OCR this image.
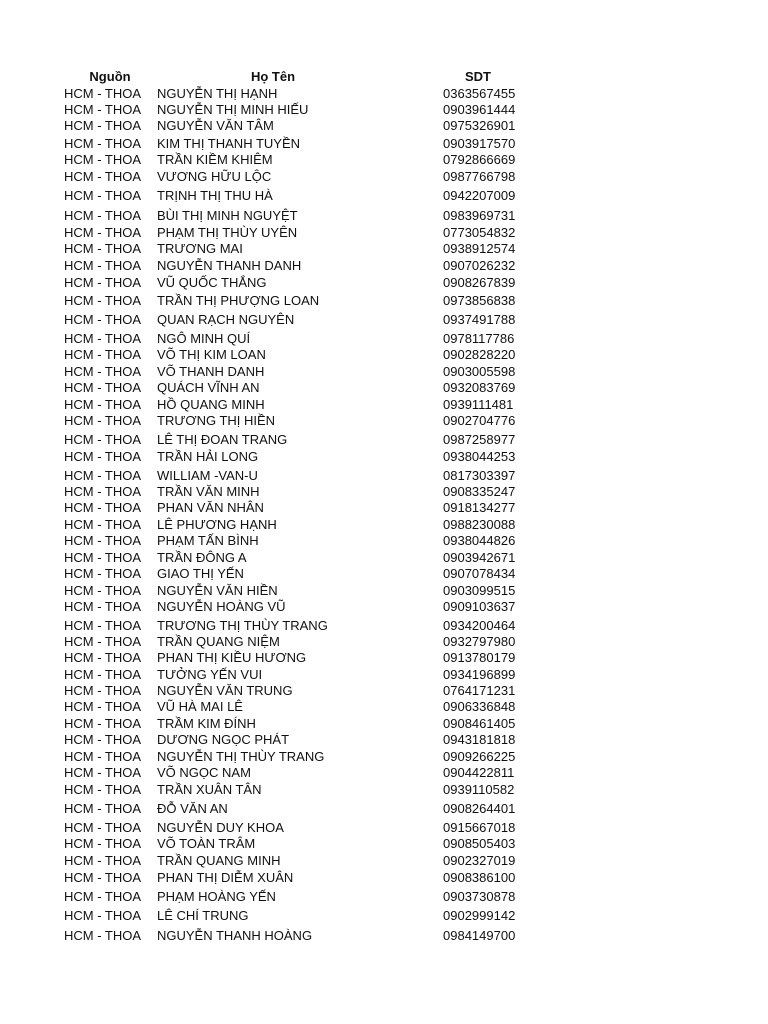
Nguồn	Họ Tên	SDT
HCM - THOA NGUYỄN THỊ HẠNH	0363567455
HCM - THOA NGUYỄN THỊ MINH HIẾU	0903961444
HCM - THOA NGUYỄN VĂN TÂM	0975326901
HCM - THOA KIM THỊ THANH TUYỀN	0903917570
HCM - THOA TRẦN KIỀM KHIÊM	0792866669
HCM - THOA VƯƠNG HỮU LỘC	0987766798
HCM - THOA TRỊNH THỊ THU HÀ	0942207009
HCM - THOA BÙI THỊ MINH NGUYỆT	0983969731
HCM - THOA PHẠM THỊ THÙY UYÊN	0773054832
HCM - THOA TRƯƠNG MAI	0938912574
HCM - THOA NGUYỄN THANH DANH	0907026232
HCM - THOA VŨ QUỐC THẮNG	0908267839
HCM - THOA TRẦN THỊ PHƯỢNG LOAN	0973856838
HCM - THOA QUAN RẠCH NGUYÊN	0937491788
HCM - THOA NGÔ MINH QUÍ	0978117786
HCM - THOA VÕ THỊ KIM LOAN	0902828220
HCM - THOA VÕ THANH DANH	0903005598
HCM - THOA QUÁCH VĨNH AN	0932083769
HCM - THOA HỒ QUANG MINH	0939111481
HCM - THOA TRƯƠNG THỊ HIỀN	0902704776
HCM - THOA LÊ THỊ ĐOAN TRANG	0987258977
HCM - THOA TRẦN HẢI LONG	0938044253
HCM - THOA WILLIAM -VAN-U	0817303397
HCM - THOA TRẦN VĂN MINH	0908335247
HCM - THOA PHAN VĂN NHÂN	0918134277
HCM - THOA LÊ PHƯƠNG HẠNH	0988230088
HCM - THOA PHẠM TẤN BÌNH	0938044826
HCM - THOA TRẦN ĐÔNG A	0903942671
HCM - THOA GIAO THỊ YẾN	0907078434
HCM - THOA NGUYỄN VĂN HIỀN	0903099515
HCM - THOA NGUYỄN HOÀNG VŨ	0909103637
HCM - THOA TRƯƠNG THỊ THÙY TRANG	0934200464
HCM - THOA TRẦN QUANG NIỆM	0932797980
HCM - THOA PHAN THỊ KIỀU HƯƠNG	0913780179
HCM - THOA TƯỞNG YẾN VUI	0934196899
HCM - THOA NGUYỄN VĂN TRUNG	0764171231
HCM - THOA VŨ HÀ MAI LÊ	0906336848
HCM - THOA TRẦM KIM ĐÍNH	0908461405
HCM - THOA DƯƠNG NGỌC PHÁT	0943181818
HCM - THOA NGUYỄN THỊ THÙY TRANG	0909266225
HCM - THOA VÕ NGỌC NAM	0904422811
HCM - THOA TRẦN XUÂN TÂN	0939110582
HCM - THOA ĐỖ VĂN AN	0908264401
HCM - THOA NGUYỄN DUY KHOA	0915667018
HCM - THOA VÕ TOÀN TRÂM	0908505403
HCM - THOA TRẦN QUANG MINH	0902327019
HCM - THOA PHAN THỊ DIỄM XUÂN	0908386100
HCM - THOA PHẠM HOÀNG YẾN	0903730878
HCM - THOA LÊ CHÍ TRUNG	0902999142
HCM - THOA NGUYỄN THANH HOÀNG	0984149700
